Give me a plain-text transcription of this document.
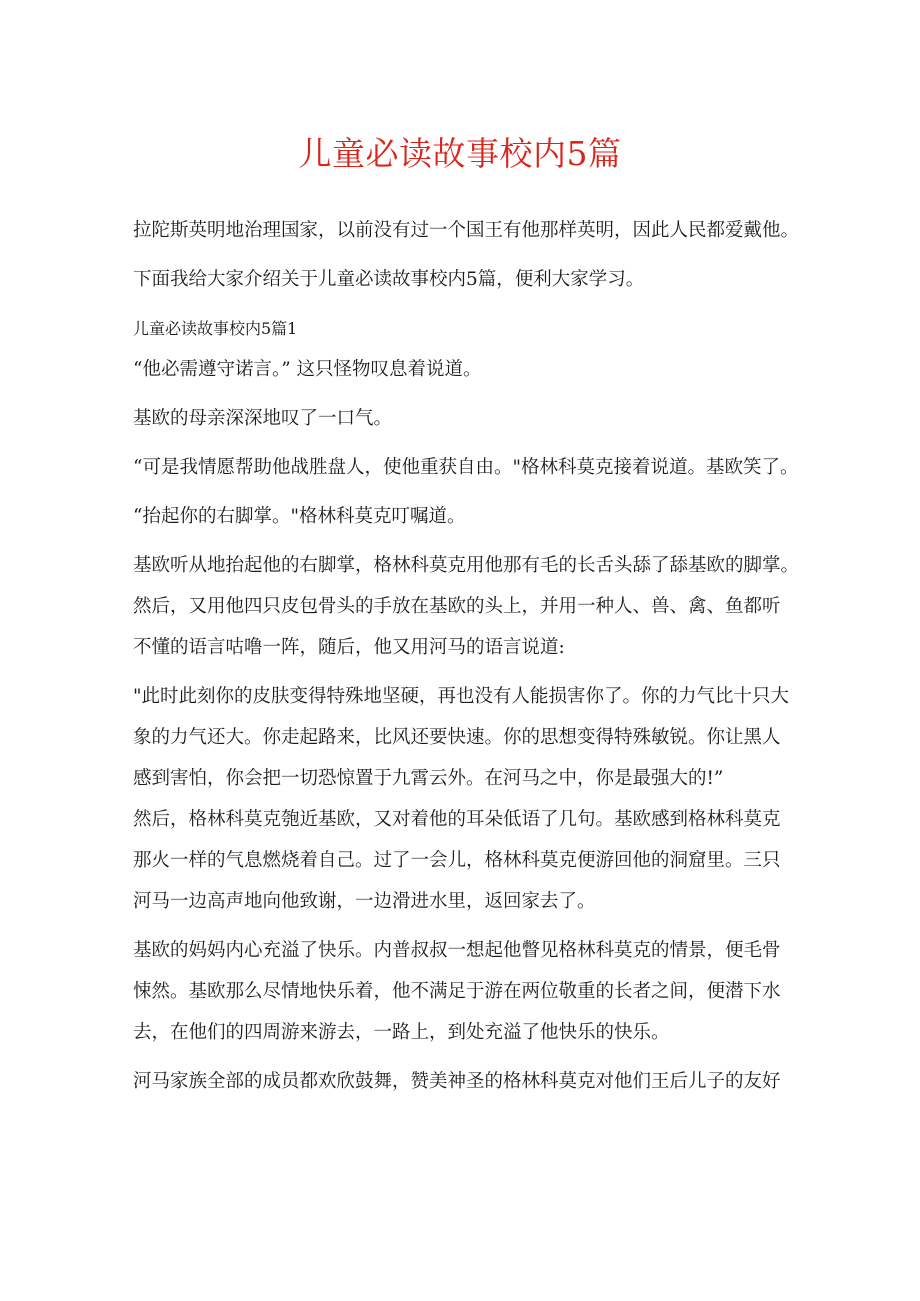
儿童必读故事校内5篇

拉陀斯英明地治理国家，以前没有过一个国王有他那样英明，因此人民都爱戴他。

下面我给大家介绍关于儿童必读故事校内5篇，便利大家学习。

儿童必读故事校内5篇1

“他必需遵守诺言。” 这只怪物叹息着说道。

基欧的母亲深深地叹了一口气。

“可是我情愿帮助他战胜盘人，使他重获自由。"格林科莫克接着说道。基欧笑了。

“抬起你的右脚掌。"格林科莫克叮嘱道。

基欧听从地抬起他的右脚掌，格林科莫克用他那有毛的长舌头舔了舔基欧的脚掌。

然后，又用他四只皮包骨头的手放在基欧的头上，并用一种人、兽、禽、鱼都听

不懂的语言咕噜一阵，随后，他又用河马的语言说道:

"此时此刻你的皮肤变得特殊地坚硬，再也没有人能损害你了。你的力气比十只大

象的力气还大。你走起路来，比风还要快速。你的思想变得特殊敏锐。你让黑人

感到害怕，你会把一切恐惊置于九霄云外。在河马之中，你是最强大的!”

然后，格林科莫克匏近基欧，又对着他的耳朵低语了几句。基欧感到格林科莫克

那火一样的气息燃烧着自己。过了一会儿，格林科莫克便游回他的洞窟里。三只

河马一边高声地向他致谢，一边滑进水里，返回家去了。

基欧的妈妈内心充溢了快乐。内普叔叔一想起他瞥见格林科莫克的情景，便毛骨

悚然。基欧那么尽情地快乐着，他不满足于游在两位敬重的长者之间，便潜下水

去，在他们的四周游来游去，一路上，到处充溢了他快乐的快乐。

河马家族全部的成员都欢欣鼓舞，赞美神圣的格林科莫克对他们王后儿子的友好
